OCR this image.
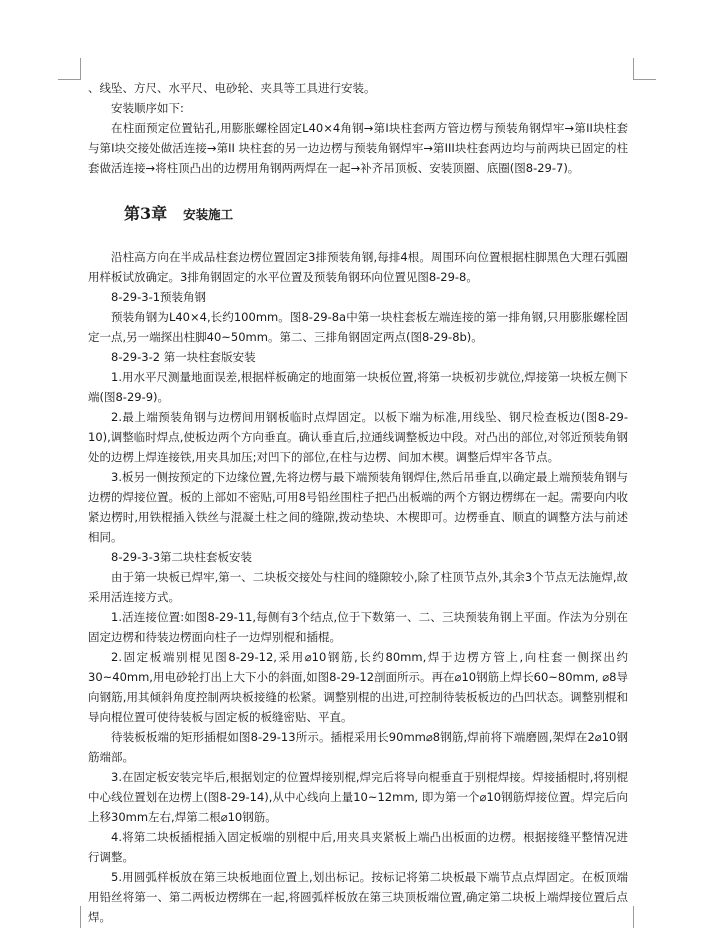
、线坠、方尺、水平尺、电砂轮、夹具等工具进行安装。

安装顺序如下:

在柱面预定位置钻孔,用膨胀螺栓固定L40×4角钢→第I块柱套两方管边楞与预装角钢焊牢→第II块柱套与第I块交接处做活连接→第II 块柱套的另一边边楞与预装角钢焊牢→第III块柱套两边均与前两块已固定的柱套做活连接→将柱顶凸出的边楞用角钢两两焊在一起→补齐吊顶板、安装顶圈、底圈(图8-29-7)。

第3章 安装施工

沿柱高方向在半成品柱套边楞位置固定3排预装角钢,每排4根。周围环向位置根据柱脚黑色大理石弧圈用样板试放确定。3排角钢固定的水平位置及预装角钢环向位置见图8-29-8。

8-29-3-1预装角钢

预装角钢为L40×4,长约100mm。图8-29-8a中第一块柱套板左端连接的第一排角钢,只用膨胀螺栓固定一点,另一端探出柱脚40~50mm。第二、三排角钢固定两点(图8-29-8b)。

8-29-3-2 第一块柱套版安装

1.用水平尺测量地面误差,根据样板确定的地面第一块板位置,将第一块板初步就位,焊接第一块板左侧下端(图8-29-9)。

2.最上端预装角钢与边楞间用钢板临时点焊固定。以板下端为标准,用线坠、钢尺检查板边(图8-29-10),调整临时焊点,使板边两个方向垂直。确认垂直后,拉通线调整板边中段。对凸出的部位,对邻近预装角钢处的边楞上焊连接铁,用夹具加压;对凹下的部位,在柱与边楞、间加木楔。调整后焊牢各节点。

3.板另一侧按预定的下边缘位置,先将边楞与最下端预装角钢焊住,然后吊垂直,以确定最上端预装角钢与边楞的焊接位置。板的上部如不密贴,可用8号铅丝围柱子把凸出板端的两个方钢边楞绑在一起。需要向内收紧边楞时,用铁棍插入铁丝与混凝土柱之间的缝隙,拨动垫块、木楔即可。边楞垂直、顺直的调整方法与前述相同。

8-29-3-3第二块柱套板安装

由于第一块板已焊牢,第一、二块板交接处与柱间的缝隙较小,除了柱顶节点外,其余3个节点无法施焊,故采用活连接方式。

1.活连接位置:如图8-29-11,每侧有3个结点,位于下数第一、二、三块预装角钢上平面。作法为分别在固定边楞和待装边楞面向柱子一边焊别棍和插棍。

2.固定板端别棍见图8-29-12,采用⌀10钢筋,长约80mm,焊于边楞方管上,向柱套一侧探出约30~40mm,用电砂轮打出上大下小的斜面,如图8-29-12剖面所示。再在⌀10钢筋上焊长60~80mm, ⌀8导向钢筋,用其倾斜角度控制两块板接缝的松紧。调整别棍的出进,可控制待装板板边的凸凹状态。调整别棍和导向棍位置可使待装板与固定板的板缝密贴、平直。

待装板板端的矩形插棍如图8-29-13所示。插棍采用长90mm⌀8钢筋,焊前将下端磨圆,架焊在2⌀10钢筋端部。

3.在固定板安装完毕后,根据划定的位置焊接别棍,焊完后将导向棍垂直于别棍焊接。焊接插棍时,将别棍中心线位置划在边楞上(图8-29-14),从中心线向上量10~12mm, 即为第一个⌀10钢筋焊接位置。焊完后向上移30mm左右,焊第二根⌀10钢筋。

4.将第二块板插棍插入固定板端的别棍中后,用夹具夹紧板上端凸出板面的边楞。根据接缝平整情况进行调整。

5.用圆弧样板放在第三块板地面位置上,划出标记。按标记将第二块板最下端节点点焊固定。在板顶端用铅丝将第一、第二两板边楞绑在一起,将圆弧样板放在第三块顶板端位置,确定第二块板上端焊接位置后点焊。
